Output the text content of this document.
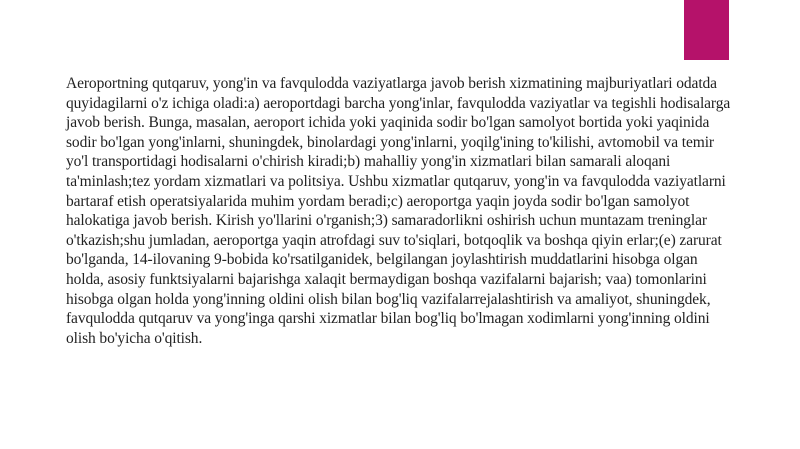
Aeroportning qutqaruv, yong'in va favqulodda vaziyatlarga javob berish xizmatining majburiyatlari odatda quyidagilarni o'z ichiga oladi:a) aeroportdagi barcha yong'inlar, favqulodda vaziyatlar va tegishli hodisalarga javob berish. Bunga, masalan, aeroport ichida yoki yaqinida sodir bo'lgan samolyot bortida yoki yaqinida sodir bo'lgan yong'inlarni, shuningdek, binolardagi yong'inlarni, yoqilg'ining to'kilishi, avtomobil va temir yo'l transportidagi hodisalarni o'chirish kiradi;b) mahalliy yong'in xizmatlari bilan samarali aloqani ta'minlash;tez yordam xizmatlari va politsiya. Ushbu xizmatlar qutqaruv, yong'in va favqulodda vaziyatlarni bartaraf etish operatsiyalarida muhim yordam beradi;c) aeroportga yaqin joyda sodir bo'lgan samolyot halokatiga javob berish. Kirish yo'llarini o'rganish;3) samaradorlikni oshirish uchun muntazam treninglar o'tkazish;shu jumladan, aeroportga yaqin atrofdagi suv to'siqlari, botqoqlik va boshqa qiyin erlar;(e) zarurat bo'lganda, 14-ilovaning 9-bobida ko'rsatilganidek, belgilangan joylashtirish muddatlarini hisobga olgan holda, asosiy funktsiyalarni bajarishga xalaqit bermaydigan boshqa vazifalarni bajarish; vaa) tomonlarini hisobga olgan holda yong'inning oldini olish bilan bog'liq vazifalarrejalashtirish va amaliyot, shuningdek, favqulodda qutqaruv va yong'inga qarshi xizmatlar bilan bog'liq bo'lmagan xodimlarni yong'inning oldini olish bo'yicha o'qitish.
